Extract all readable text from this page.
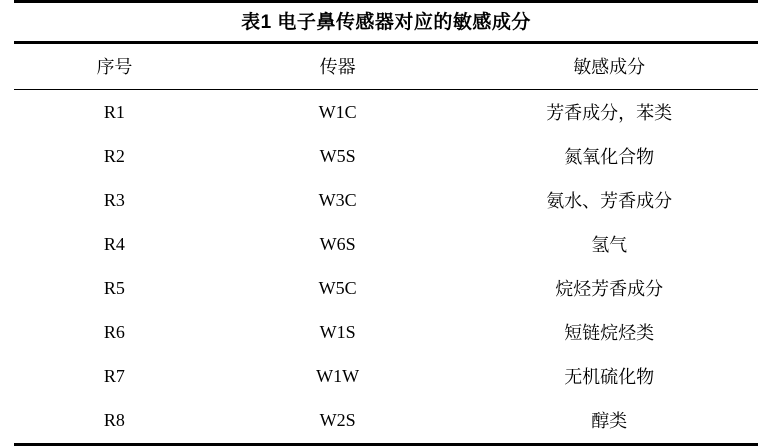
表1 电子鼻传感器对应的敏感成分
序号	传器	敏感成分
R1	W1C	芳香成分，苯类
R2	W5S	氮氧化合物
R3	W3C	氨水、芳香成分
R4	W6S	氢气
R5	W5C	烷烃芳香成分
R6	W1S	短链烷烃类
R7	W1W	无机硫化物
R8	W2S	醇类
